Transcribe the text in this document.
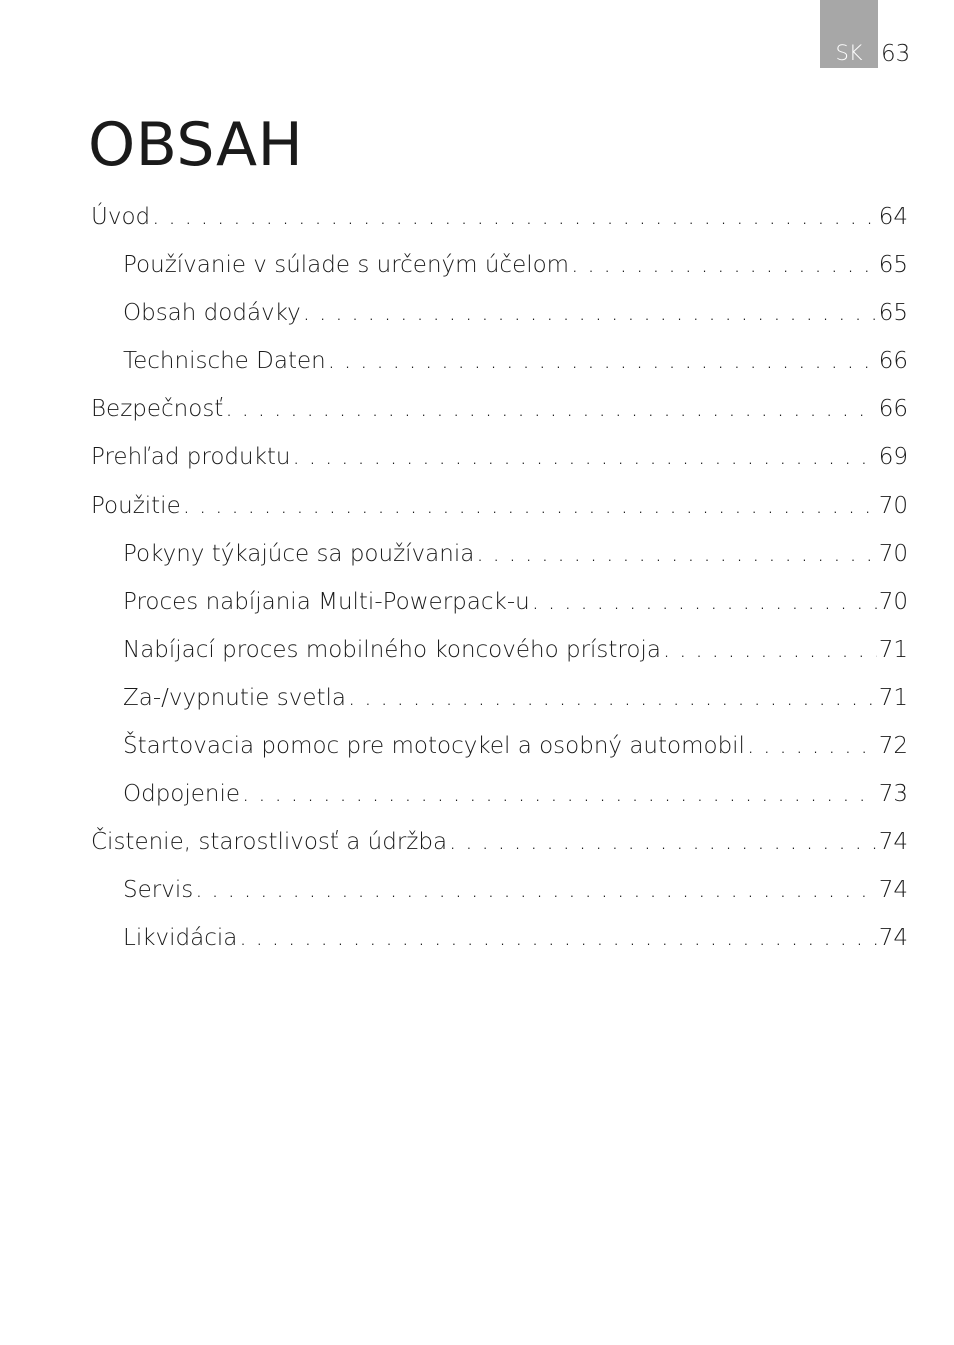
SK 63
OBSAH
Úvod . . .	64
Používanie v súlade s určeným účelom . . .	65
Obsah dodávky . . .	65
Technische Daten . . .	66
Bezpečnosť . . .	66
Prehľad produktu . . .	69
Použitie . . .	70
Pokyny týkajúce sa používania . . .	70
Proces nabíjania Multi-Powerpack-u . . .	70
Nabíjací proces mobilného koncového prístroja . . .	71
Za-/vypnutie svetla . . .	71
Štartovacia pomoc pre motocykel a osobný automobil . . .	72
Odpojenie . . .	73
Čistenie, starostlivosť a údržba . . .	74
Servis . . .	74
Likvidácia . . .	74
